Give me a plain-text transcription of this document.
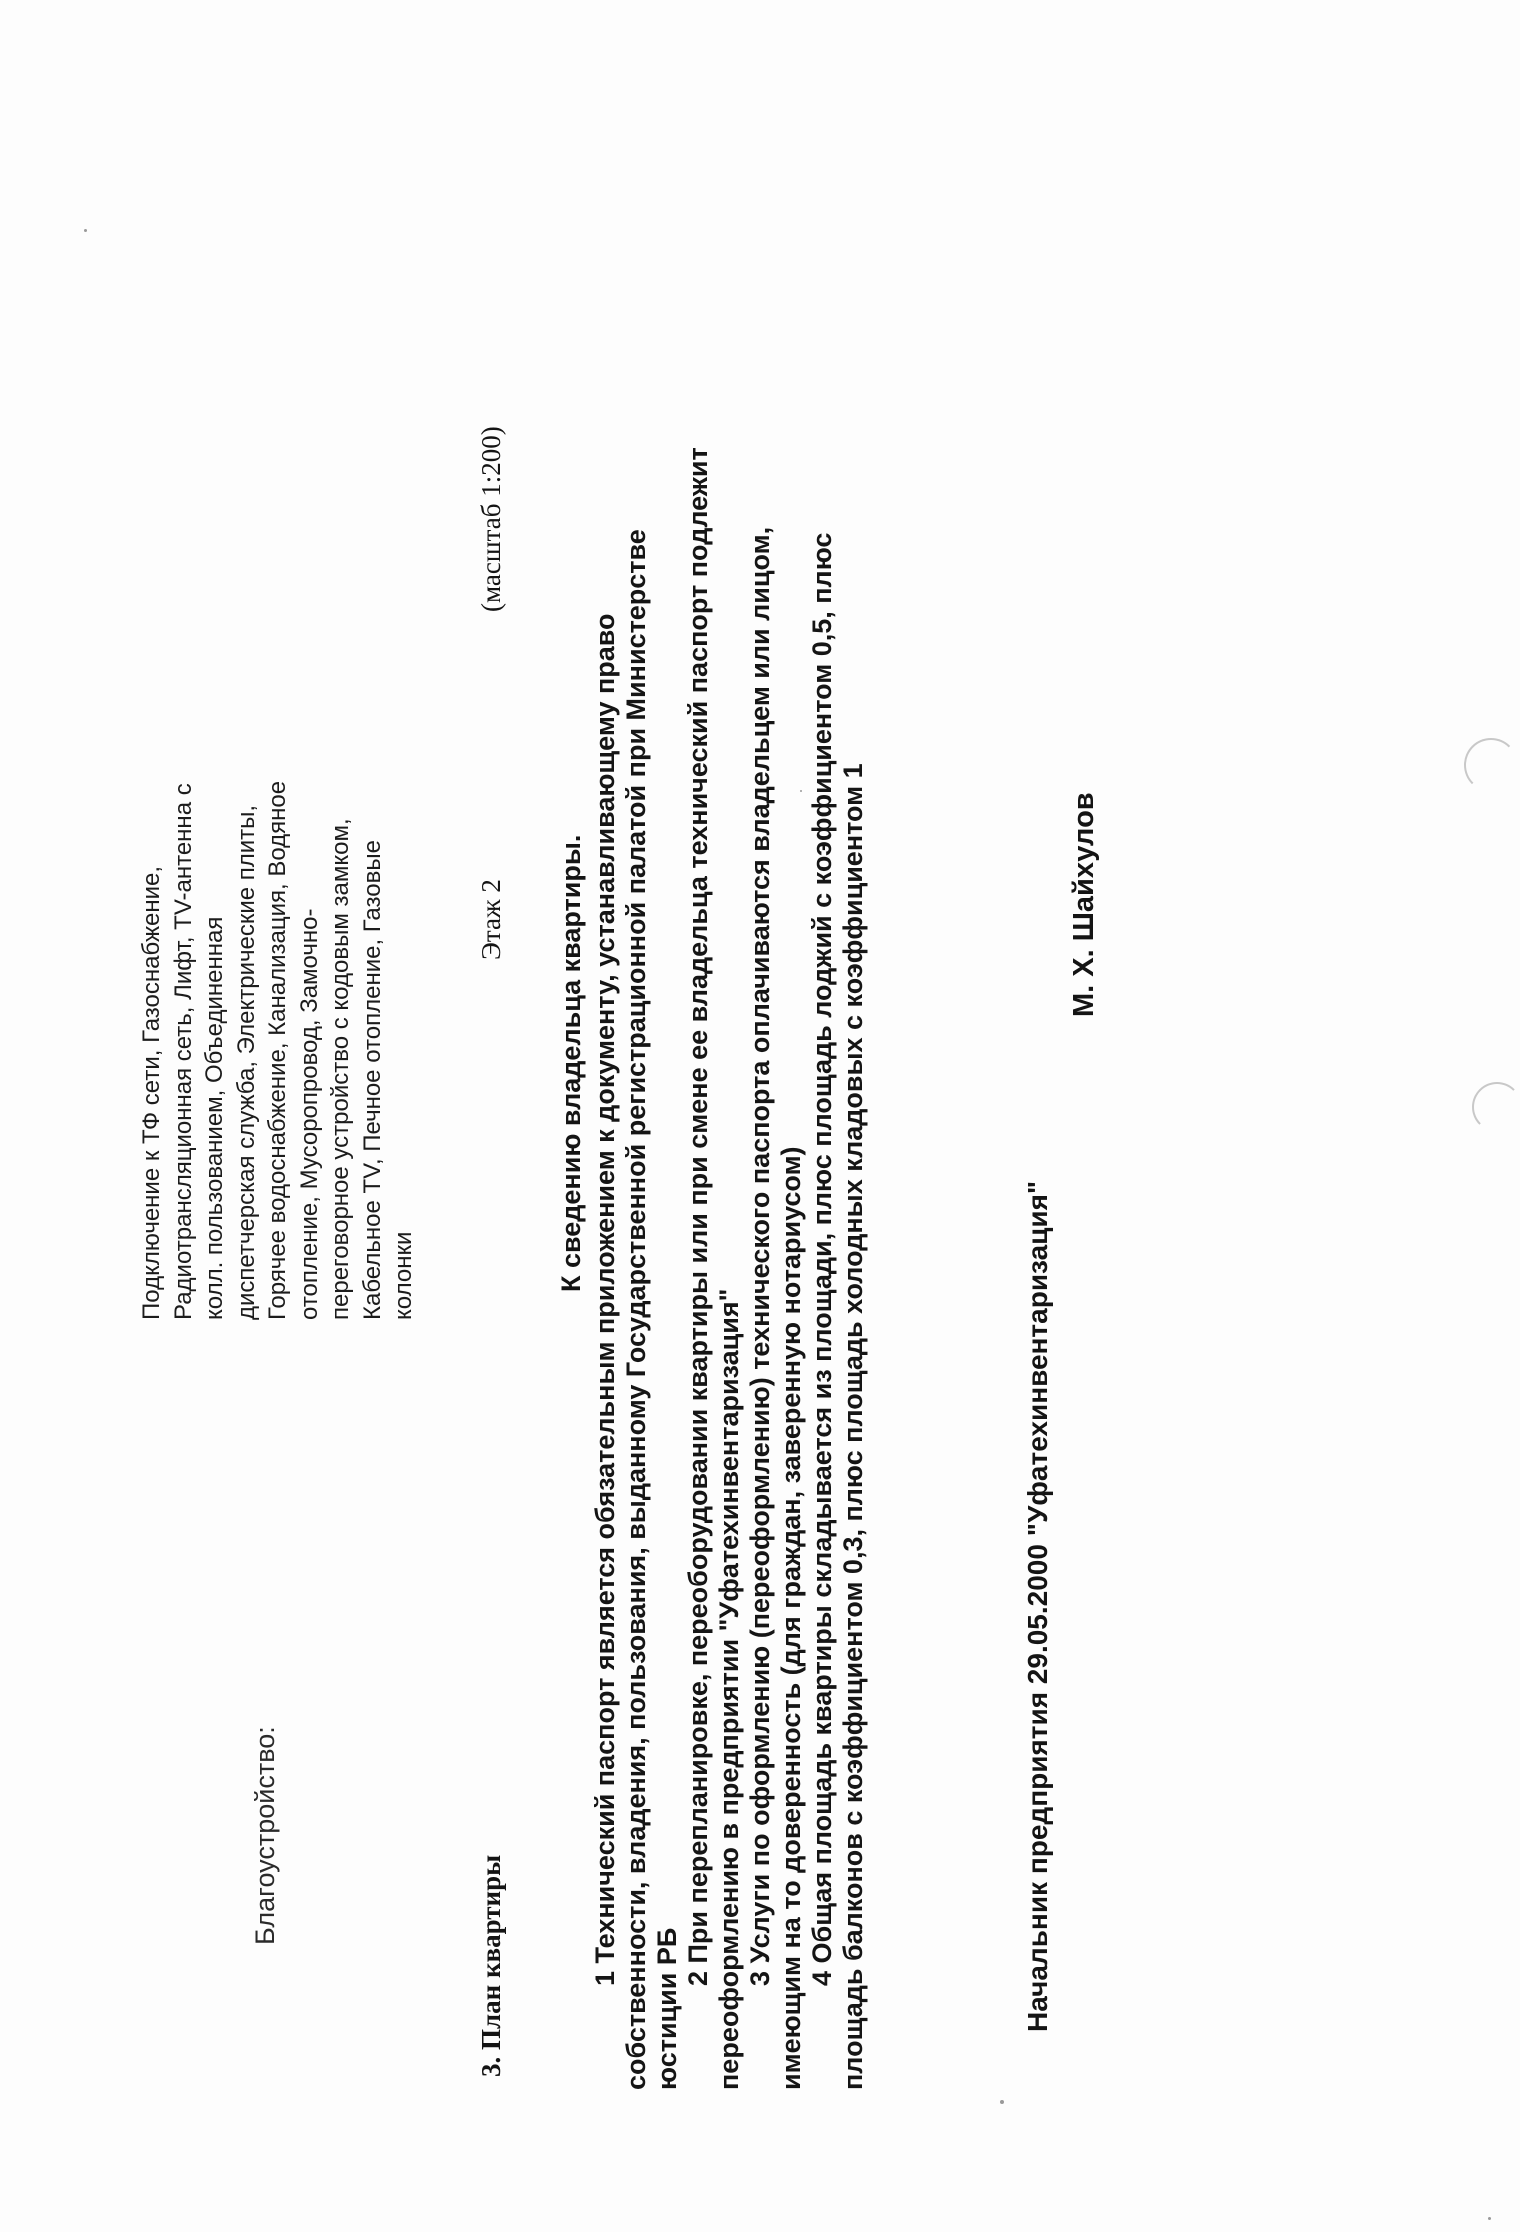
Благоустройство:
Подключение к ТФ сети, Газоснабжение, Радиотрансляционная сеть, Лифт, TV-антенна с колл. пользованием, Объединенная диспетчерская служба, Электрические плиты, Горячее водоснабжение, Канализация, Водяное отопление, Мусоропровод, Замочно- переговорное устройство с кодовым замком, Кабельное TV, Печное отопление, Газовые колонки
3. План квартиры
Этаж 2
(масштаб 1:200)
К сведению владельца квартиры. 1 Технический паспорт является обязательным приложением к документу, устанавливающему право собственности, владения, пользования, выданному Государственной регистрационной палатой при Министерстве юстиции РБ
2 При перепланировке, переоборудовании квартиры или при смене ее владельца технический паспорт подлежит переоформлению в предприятии "Уфатехинвентаризация" 3 Услуги по оформлению (переоформлению) технического паспорта оплачиваются владельцем или лицом, имеющим на то доверенность (для граждан, заверенную нотариусом) 4 Общая площадь квартиры складывается из площади, плюс площадь лоджий с коэффициентом 0,5, плюс площадь балконов с коэффициентом 0,3, плюс площадь холодных кладовых с коэффициентом 1	Начальник предприятия 29.05.2000 "Уфатехинвентаризация"
М. Х. Шайхулов
